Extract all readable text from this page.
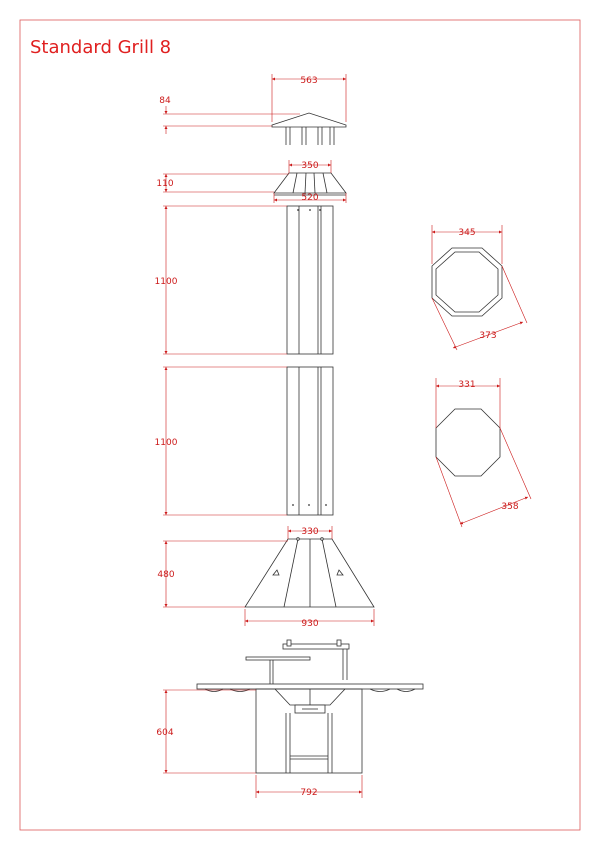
Standard Grill 8
563
84
350
110
520
1100
1100
330
480
930
604
792
345
373
331
358
